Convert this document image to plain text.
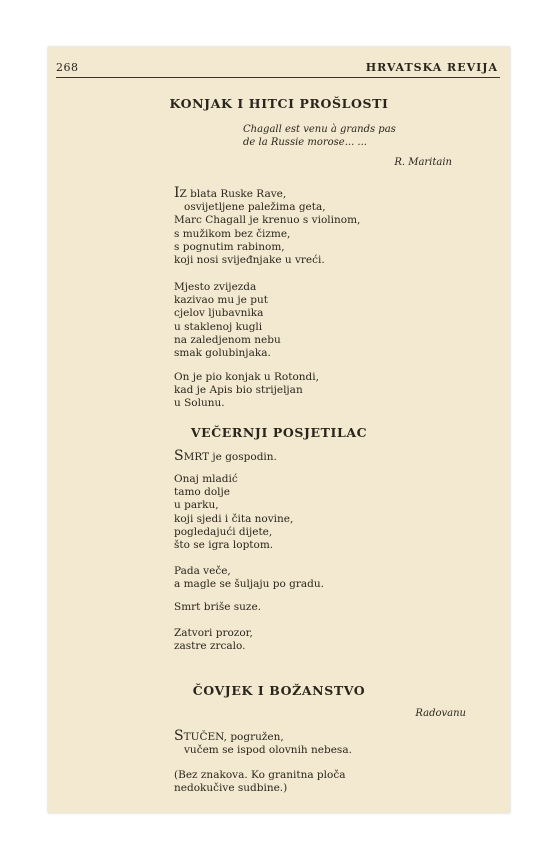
268	HRVATSKA REVIJA
KONJAK I HITCI PROŠLOSTI
Chagall est venu à grands pas
de la Russie morose... ...
R. Maritain
IZ blata Ruske Rave,
osvijetljene paležima geta,
Marc Chagall je krenuo s violinom,
s mužikom bez čizme,
s pognutim rabinom,
koji nosi svijeđnjake u vreći.
Mjesto zvijezda
kazivao mu je put
cjelov ljubavnika
u staklenoj kugli
na zaledjenom nebu
smak golubinjaka.
On je pio konjak u Rotondi,
kad je Apis bio strijeljan
u Solunu.
VEČERNJI POSJETILAC
SMRT je gospodin.
Onaj mladić
tamo dolje
u parku,
koji sjedi i čita novine,
pogledajući dijete,
što se igra loptom.
Pada veče,
a magle se šuljaju po gradu.
Smrt briše suze.
Zatvori prozor,
zastre zrcalo.
ČOVJEK I BOŽANSTVO
Radovanu
STUČEN, pogružen,
vučem se ispod olovnih nebesa.
(Bez znakova. Ko granitna ploča
nedokučive sudbine.)
